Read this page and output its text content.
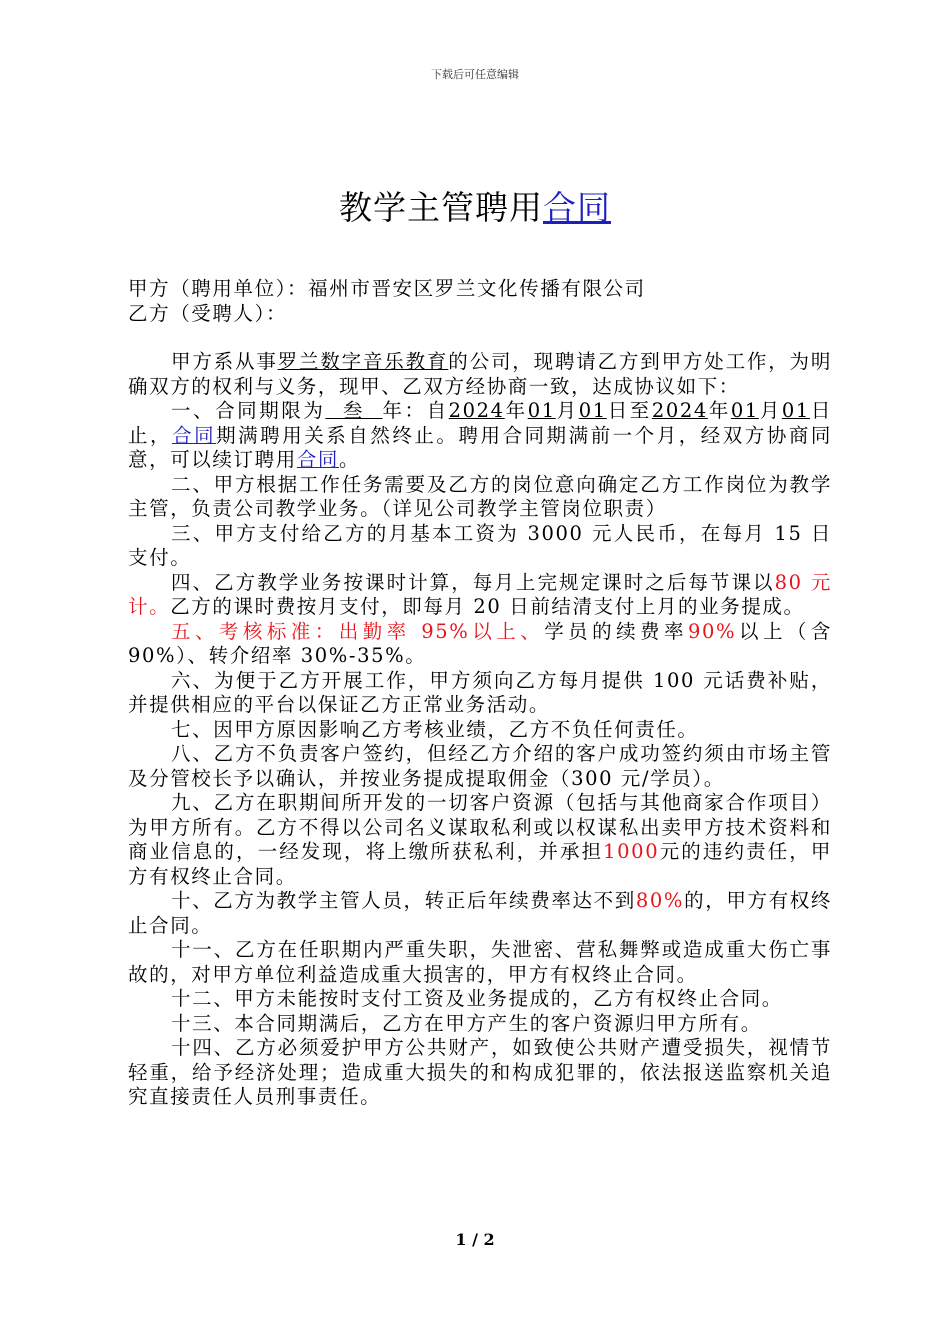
下载后可任意编辑
教学主管聘用合同

甲方（聘用单位）：福州市晋安区罗兰文化传播有限公司

乙方（受聘人）：

甲方系从事罗兰数字音乐教育的公司，现聘请乙方到甲方处工作，为明确双方的权利与义务，现甲、乙双方经协商一致，达成协议如下：

一、合同期限为 叁 年：自2024年01月01日至2024年01月01日止，合同期满聘用关系自然终止。聘用合同期满前一个月，经双方协商同意，可以续订聘用合同。

二、甲方根据工作任务需要及乙方的岗位意向确定乙方工作岗位为教学主管，负责公司教学业务。（详见公司教学主管岗位职责）

三、甲方支付给乙方的月基本工资为 3000 元人民币，在每月 15 日支付。

四、乙方教学业务按课时计算，每月上完规定课时之后每节课以80 元计。乙方的课时费按月支付，即每月 20 日前结清支付上月的业务提成。

五、考核标准：出勤率 95%以上、学员的续费率90%以上（含 90%）、转介绍率 30%-35%。

六、为便于乙方开展工作，甲方须向乙方每月提供 100 元话费补贴，并提供相应的平台以保证乙方正常业务活动。

七、因甲方原因影响乙方考核业绩，乙方不负任何责任。

八、乙方不负责客户签约，但经乙方介绍的客户成功签约须由市场主管及分管校长予以确认，并按业务提成提取佣金（300 元/学员）。

九、乙方在职期间所开发的一切客户资源（包括与其他商家合作项目）为甲方所有。乙方不得以公司名义谋取私利或以权谋私出卖甲方技术资料和商业信息的，一经发现，将上缴所获私利，并承担1000元的违约责任，甲方有权终止合同。

十、乙方为教学主管人员，转正后年续费率达不到80%的，甲方有权终止合同。

十一、乙方在任职期内严重失职，失泄密、营私舞弊或造成重大伤亡事故的，对甲方单位利益造成重大损害的，甲方有权终止合同。

十二、甲方未能按时支付工资及业务提成的，乙方有权终止合同。

十三、本合同期满后，乙方在甲方产生的客户资源归甲方所有。

十四、乙方必须爱护甲方公共财产，如致使公共财产遭受损失，视情节轻重，给予经济处理；造成重大损失的和构成犯罪的，依法报送监察机关追究直接责任人员刑事责任。

1 / 2
